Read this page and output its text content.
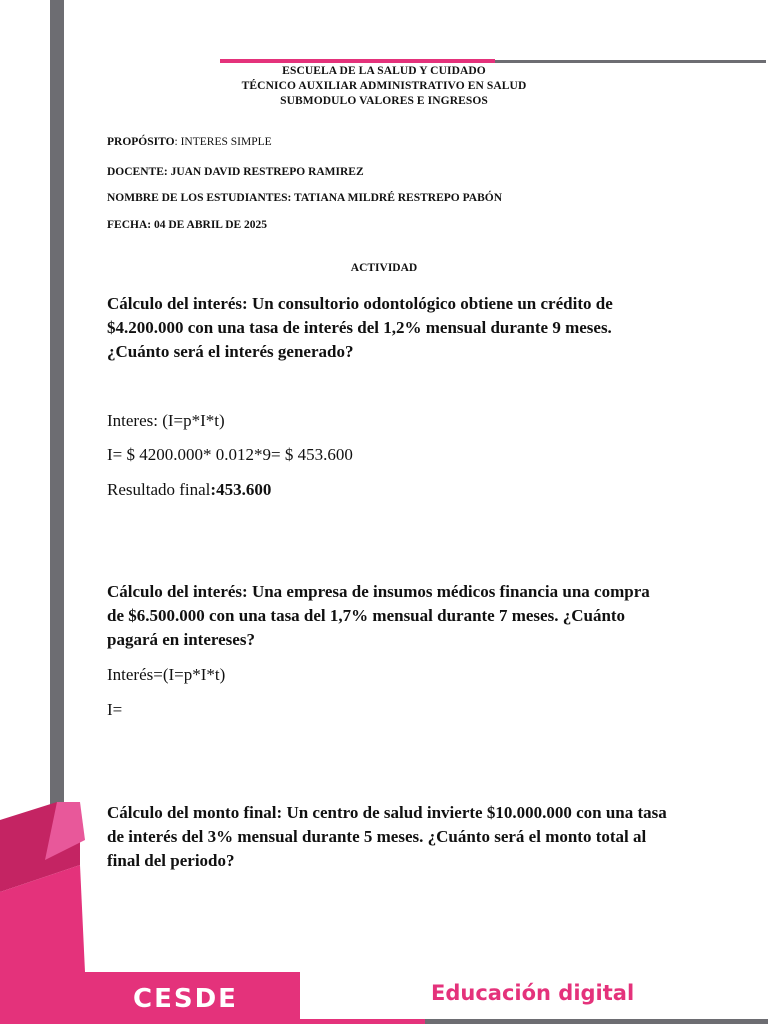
ESCUELA DE LA SALUD Y CUIDADO
TÉCNICO AUXILIAR ADMINISTRATIVO EN SALUD
SUBMODULO VALORES E INGRESOS
PROPÓSITO: INTERES SIMPLE
DOCENTE: JUAN DAVID RESTREPO RAMIREZ
NOMBRE DE LOS ESTUDIANTES: TATIANA MILDRÉ RESTREPO PABÓN
FECHA: 04 DE ABRIL DE 2025
ACTIVIDAD
Cálculo del interés: Un consultorio odontológico obtiene un crédito de $4.200.000 con una tasa de interés del 1,2% mensual durante 9 meses. ¿Cuánto será el interés generado?
Interes: (I=p*I*t)
I= $ 4200.000* 0.012*9= $ 453.600
Resultado final:453.600
Cálculo del interés: Una empresa de insumos médicos financia una compra de $6.500.000 con una tasa del 1,7% mensual durante 7 meses. ¿Cuánto pagará en intereses?
Interés=(I=p*I*t)
I=
Cálculo del monto final: Un centro de salud invierte $10.000.000 con una tasa de interés del 3% mensual durante 5 meses. ¿Cuánto será el monto total al final del periodo?
CESDE	Educación digital
